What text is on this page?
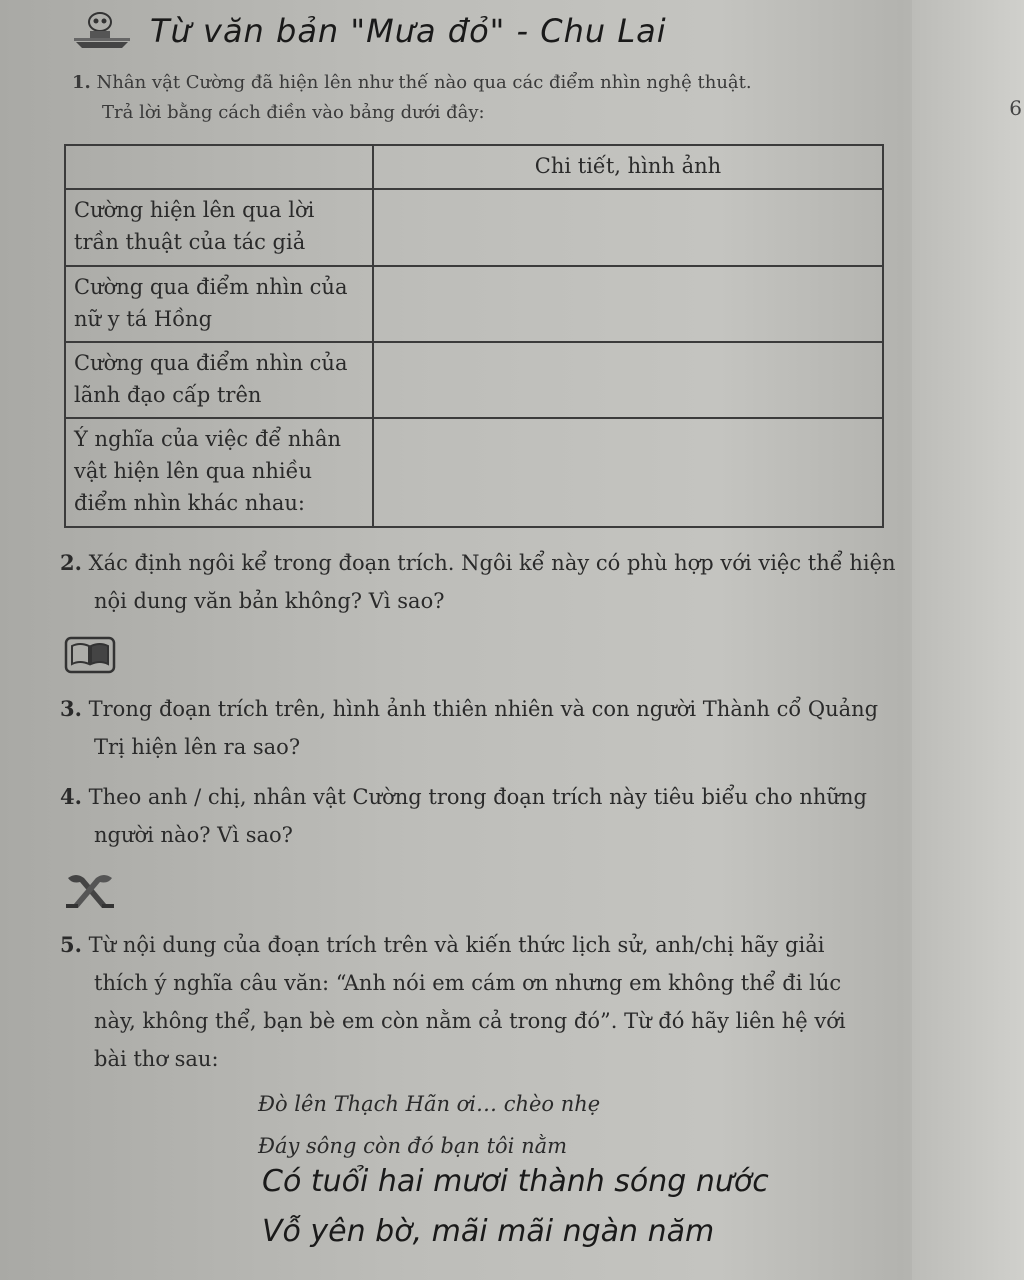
Từ văn bản "Mưa đỏ" - Chu Lai
1. Nhân vật Cường đã hiện lên như thế nào qua các điểm nhìn nghệ thuật.
Trả lời bằng cách điền vào bảng dưới đây:	6
	Chi tiết, hình ảnh
Cường hiện lên qua lời trần thuật của tác giả	
Cường qua điểm nhìn của nữ y tá Hồng	
Cường qua điểm nhìn của lãnh đạo cấp trên	
Ý nghĩa của việc để nhân vật hiện lên qua nhiều điểm nhìn khác nhau:	
2. Xác định ngôi kể trong đoạn trích. Ngôi kể này có phù hợp với việc thể hiện
nội dung văn bản không? Vì sao?
3. Trong đoạn trích trên, hình ảnh thiên nhiên và con người Thành cổ Quảng
Trị hiện lên ra sao?
4. Theo anh / chị, nhân vật Cường trong đoạn trích này tiêu biểu cho những
người nào? Vì sao?
5. Từ nội dung của đoạn trích trên và kiến thức lịch sử, anh/chị hãy giải
thích ý nghĩa câu văn: “Anh nói em cám ơn nhưng em không thể đi lúc
này, không thể, bạn bè em còn nằm cả trong đó”. Từ đó hãy liên hệ với
bài thơ sau:
Đò lên Thạch Hãn ơi… chèo nhẹ
Đáy sông còn đó bạn tôi nằm
Có tuổi hai mươi thành sóng nước
Vỗ yên bờ, mãi mãi ngàn năm
